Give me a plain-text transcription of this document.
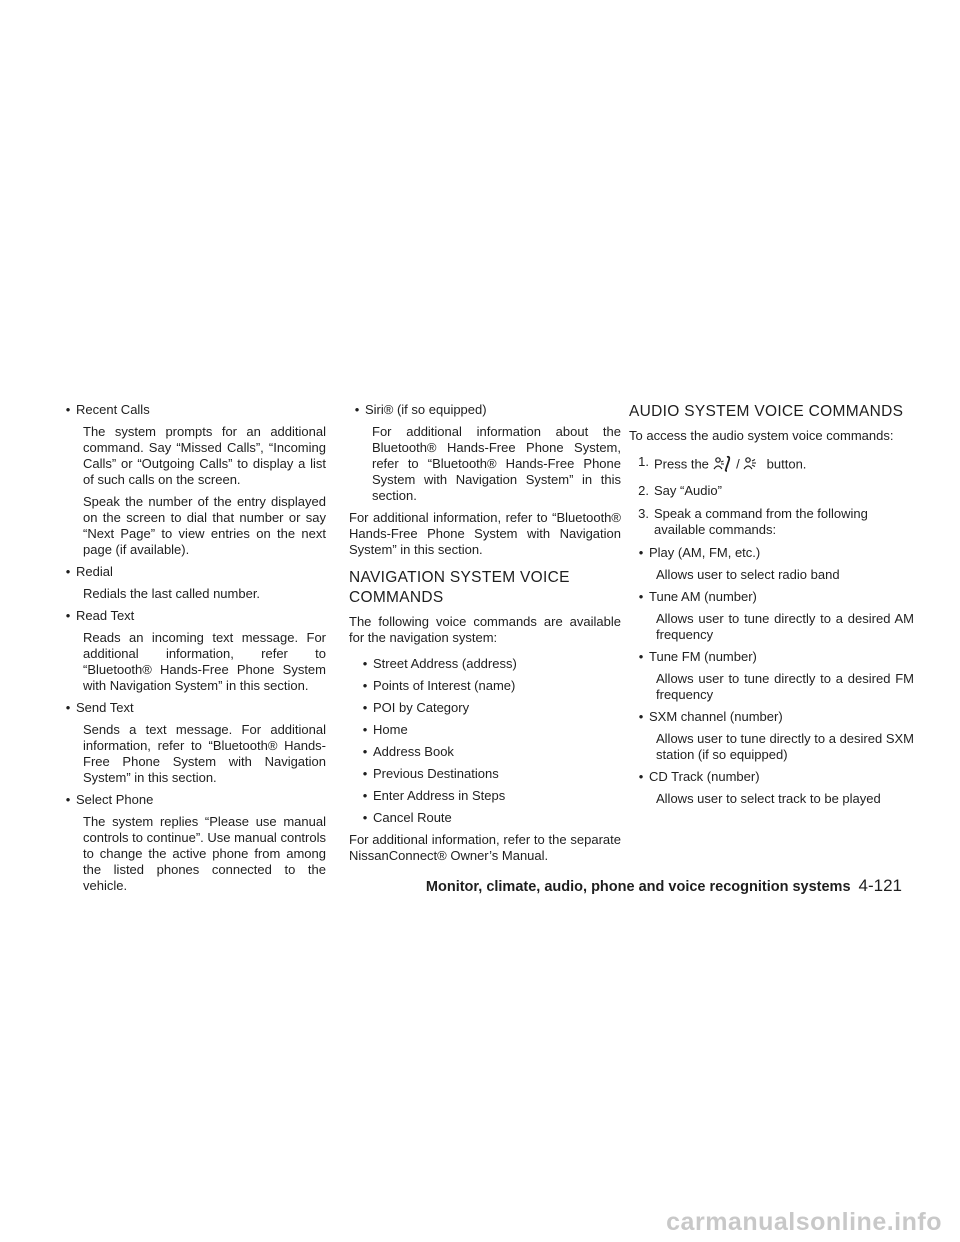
• Recent Calls

The system prompts for an additional command. Say “Missed Calls”, “Incoming Calls” or “Outgoing Calls” to display a list of such calls on the screen.

Speak the number of the entry displayed on the screen to dial that number or say “Next Page” to view entries on the next page (if available).

• Redial

Redials the last called number.

• Read Text

Reads an incoming text message. For additional information, refer to “Bluetooth® Hands-Free Phone System with Navigation System” in this section.

• Send Text

Sends a text message. For additional information, refer to “Bluetooth® Hands-Free Phone System with Navigation System” in this section.

• Select Phone

The system replies “Please use manual controls to continue”. Use manual controls to change the active phone from among the listed phones connected to the vehicle.

• Siri® (if so equipped)

For additional information about the Bluetooth® Hands-Free Phone System, refer to “Bluetooth® Hands-Free Phone System with Navigation System” in this section.

For additional information, refer to “Bluetooth® Hands-Free Phone System with Navigation System” in this section.

NAVIGATION SYSTEM VOICE COMMANDS

The following voice commands are available for the navigation system:

• Street Address (address)
• Points of Interest (name)
• POI by Category
• Home
• Address Book
• Previous Destinations
• Enter Address in Steps
• Cancel Route

For additional information, refer to the separate NissanConnect® Owner’s Manual.

AUDIO SYSTEM VOICE COMMANDS

To access the audio system voice commands:

1. Press the / button.
2. Say “Audio”
3. Speak a command from the following available commands:
• Play (AM, FM, etc.)

Allows user to select radio band

• Tune AM (number)

Allows user to tune directly to a desired AM frequency

• Tune FM (number)

Allows user to tune directly to a desired FM frequency

• SXM channel (number)

Allows user to tune directly to a desired SXM station (if so equipped)

• CD Track (number)

Allows user to select track to be played

Monitor, climate, audio, phone and voice recognition systems 4-121
carmanualsonline.info
